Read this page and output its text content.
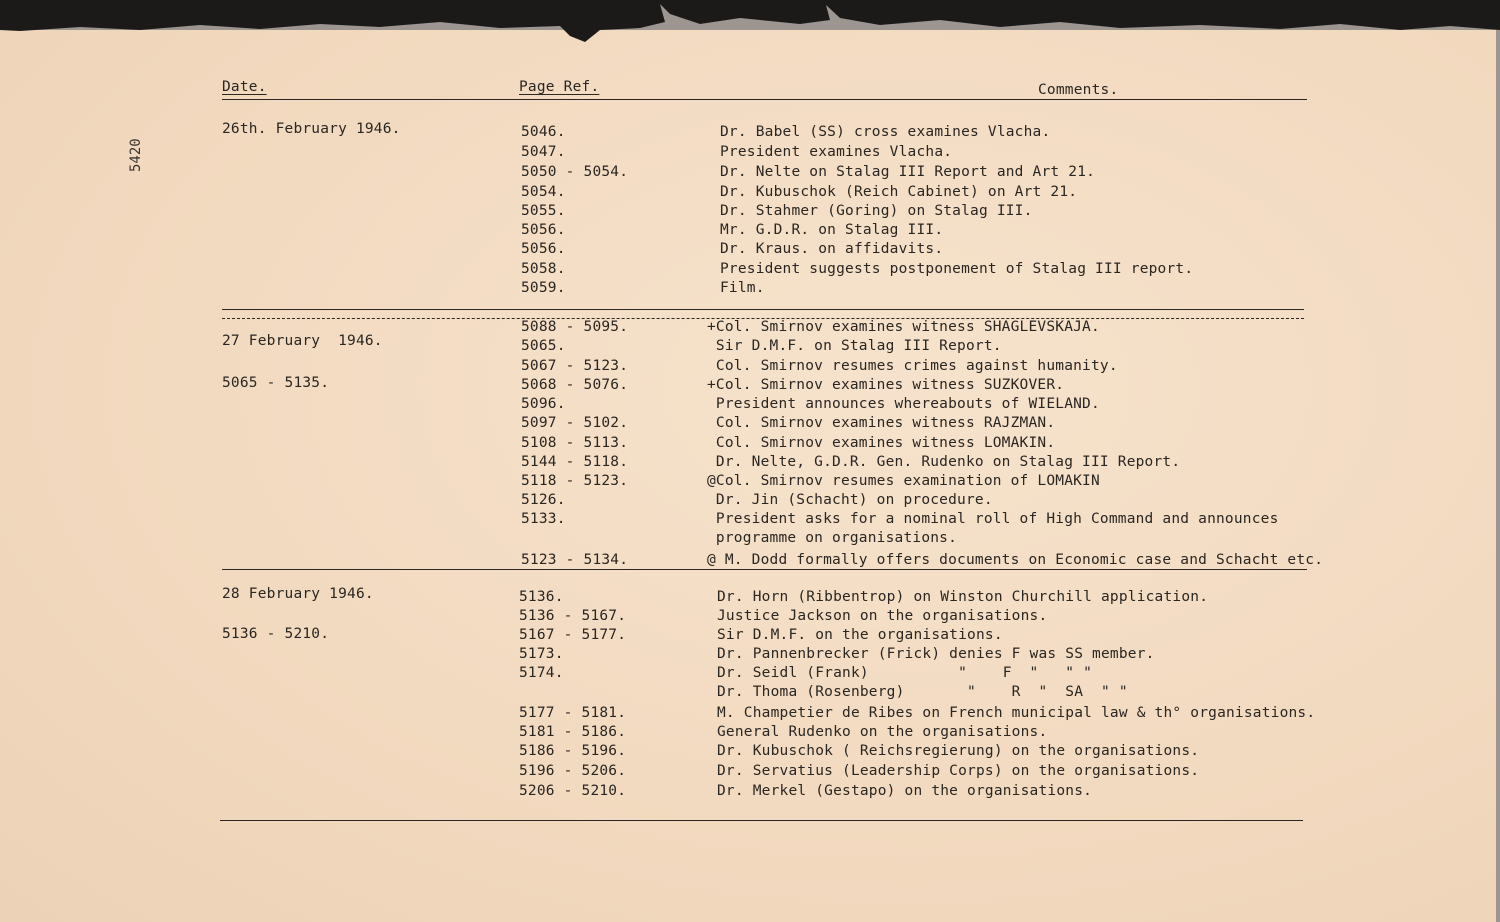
5420
Date.	Page Ref.	Comments.
26th. February 1946.	5046.	Dr. Babel (SS) cross examines Vlacha.
5047.	President examines Vlacha.
5050 - 5054.	Dr. Nelte on Stalag III Report and Art 21.
5054.	Dr. Kubuschok (Reich Cabinet) on Art 21.
5055.	Dr. Stahmer (Goring) on Stalag III.
5056.	Mr. G.D.R. on Stalag III.
5056.	Dr. Kraus. on affidavits.
5058.	President suggests postponement of Stalag III report.
5059.	Film.
27 February  1946.
5065 - 5135.
5088 - 5095.	+Col. Smirnov examines witness SHAGLEVSKAJA.
5065.	Sir D.M.F. on Stalag III Report.
5067 - 5123.	Col. Smirnov resumes crimes against humanity.
5068 - 5076.	+Col. Smirnov examines witness SUZKOVER.
5096.	President announces whereabouts of WIELAND.
5097 - 5102.	Col. Smirnov examines witness RAJZMAN.
5108 - 5113.	Col. Smirnov examines witness LOMAKIN.
5144 - 5118.	Dr. Nelte, G.D.R. Gen. Rudenko on Stalag III Report.
5118 - 5123.	@Col. Smirnov resumes examination of LOMAKIN
5126.	Dr. Jin (Schacht) on procedure.
5133.	President asks for a nominal roll of High Command and announces
programme on organisations.
5123 - 5134.	@ M. Dodd formally offers documents on Economic case and Schacht etc.
28 February 1946.
5136 - 5210.
5136.	Dr. Horn (Ribbentrop) on Winston Churchill application.
5136 - 5167.	Justice Jackson on the organisations.
5167 - 5177.	Sir D.M.F. on the organisations.
5173.	Dr. Pannenbrecker (Frick) denies F was SS member.
5174.	Dr. Seidl (Frank)          "    F  "   " "
Dr. Thoma (Rosenberg)       "    R  "  SA  " "
5177 - 5181.	M. Champetier de Ribes on French municipal law & th° organisations.
5181 - 5186.	General Rudenko on the organisations.
5186 - 5196.	Dr. Kubuschok ( Reichsregierung) on the organisations.
5196 - 5206.	Dr. Servatius (Leadership Corps) on the organisations.
5206 - 5210.	Dr. Merkel (Gestapo) on the organisations.
